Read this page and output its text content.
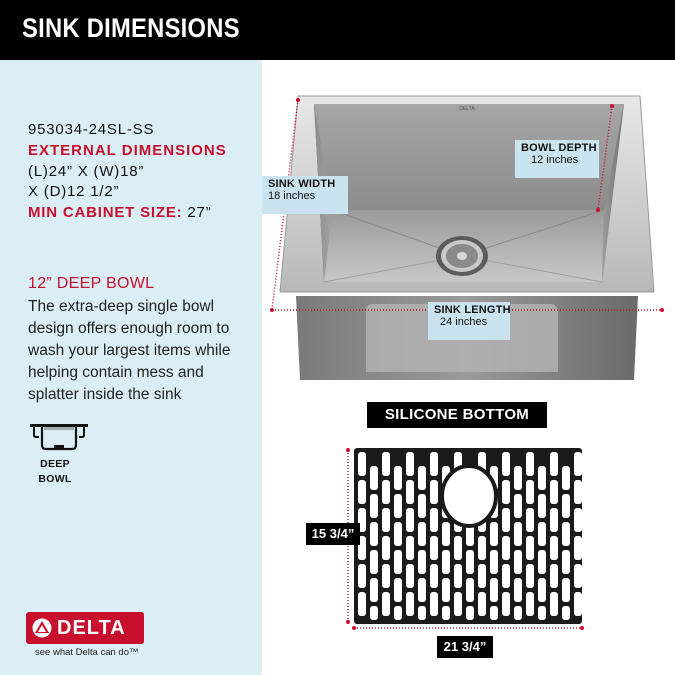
SINK DIMENSIONS
953034-24SL-SS
EXTERNAL DIMENSIONS
(L)24” X (W)18”
X (D)12 1/2”
MIN CABINET SIZE: 27”
12” DEEP BOWL
The extra-deep single bowl design offers enough room to wash your largest items while helping contain mess and splatter inside the sink
DEEP
BOWL
DELTA
see what Delta can do™
DELTA
BOWL DEPTH
12 inches
SINK WIDTH
18 inches
SINK LENGTH
24 inches
SILICONE BOTTOM GRID
15 3/4”
21 3/4”
